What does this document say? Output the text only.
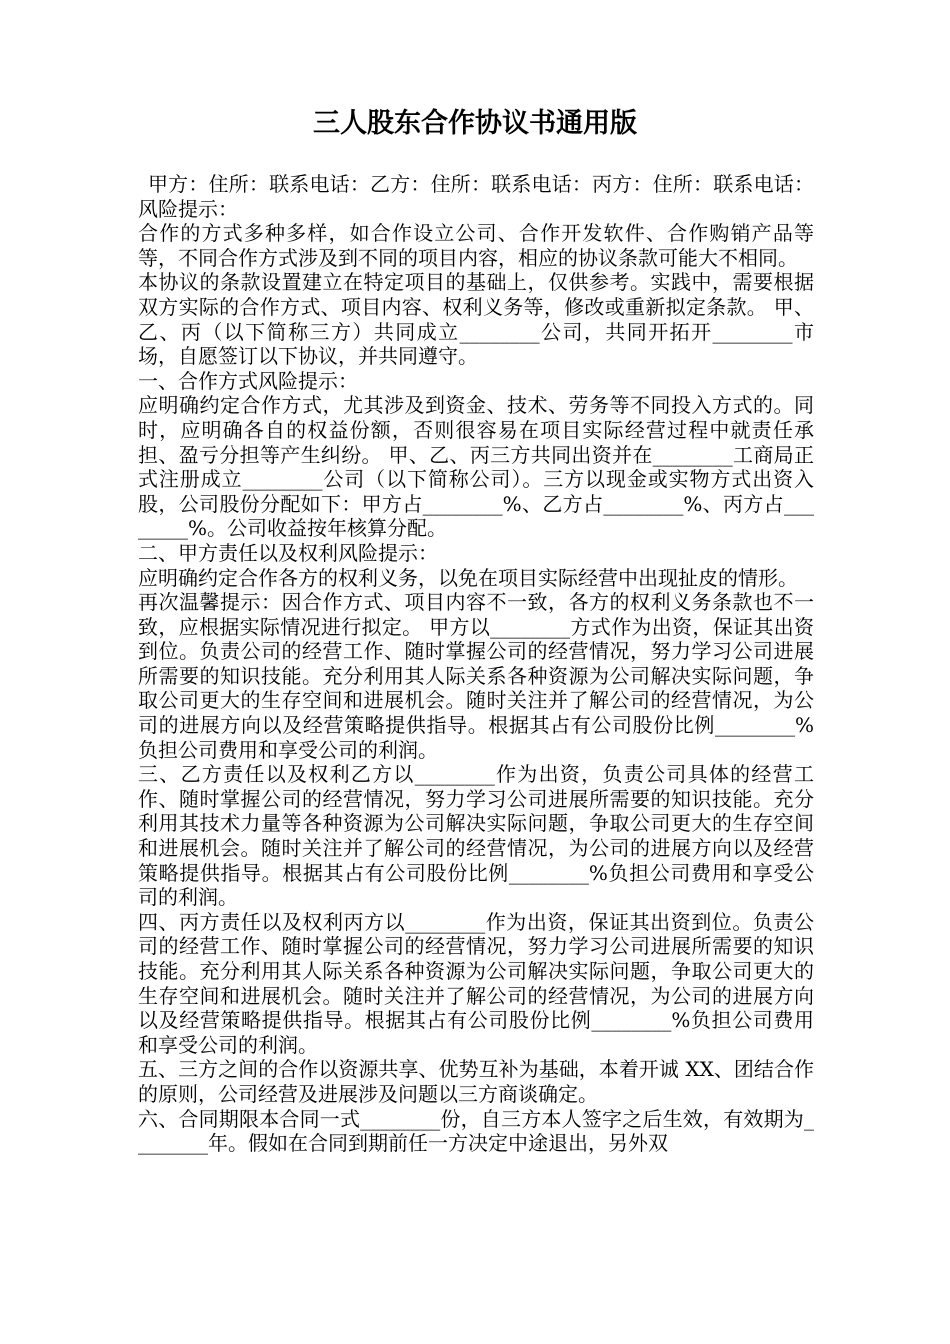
三人股东合作协议书通用版

甲方：住所：联系电话：乙方：住所：联系电话：丙方：住所：联系电话：风险提示：

合作的方式多种多样，如合作设立公司、合作开发软件、合作购销产品等等，不同合作方式涉及到不同的项目内容，相应的协议条款可能大不相同。

本协议的条款设置建立在特定项目的基础上，仅供参考。实践中，需要根据双方实际的合作方式、项目内容、权利义务等，修改或重新拟定条款。 甲、乙、丙（以下简称三方）共同成立________公司，共同开拓开________市场，自愿签订以下协议，并共同遵守。

一、合作方式风险提示：

应明确约定合作方式，尤其涉及到资金、技术、劳务等不同投入方式的。同时，应明确各自的权益份额，否则很容易在项目实际经营过程中就责任承担、盈亏分担等产生纠纷。 甲、乙、丙三方共同出资并在________工商局正式注册成立________公司（以下简称公司）。三方以现金或实物方式出资入股，公司股份分配如下：甲方占________%、乙方占________%、丙方占________%。公司收益按年核算分配。

二、甲方责任以及权利风险提示：

应明确约定合作各方的权利义务，以免在项目实际经营中出现扯皮的情形。

再次温馨提示：因合作方式、项目内容不一致，各方的权利义务条款也不一致，应根据实际情况进行拟定。 甲方以________方式作为出资，保证其出资到位。负责公司的经营工作、随时掌握公司的经营情况，努力学习公司进展所需要的知识技能。充分利用其人际关系各种资源为公司解决实际问题，争取公司更大的生存空间和进展机会。随时关注并了解公司的经营情况，为公司的进展方向以及经营策略提供指导。根据其占有公司股份比例________%负担公司费用和享受公司的利润。

三、乙方责任以及权利乙方以________作为出资，负责公司具体的经营工作、随时掌握公司的经营情况，努力学习公司进展所需要的知识技能。充分利用其技术力量等各种资源为公司解决实际问题，争取公司更大的生存空间和进展机会。随时关注并了解公司的经营情况，为公司的进展方向以及经营策略提供指导。根据其占有公司股份比例________%负担公司费用和享受公司的利润。

四、丙方责任以及权利丙方以________作为出资，保证其出资到位。负责公司的经营工作、随时掌握公司的经营情况，努力学习公司进展所需要的知识技能。充分利用其人际关系各种资源为公司解决实际问题，争取公司更大的生存空间和进展机会。随时关注并了解公司的经营情况，为公司的进展方向以及经营策略提供指导。根据其占有公司股份比例________%负担公司费用和享受公司的利润。

五、三方之间的合作以资源共享、优势互补为基础，本着开诚 XX、团结合作的原则，公司经营及进展涉及问题以三方商谈确定。

六、合同期限本合同一式________份，自三方本人签字之后生效，有效期为________年。假如在合同到期前任一方决定中途退出，另外双
